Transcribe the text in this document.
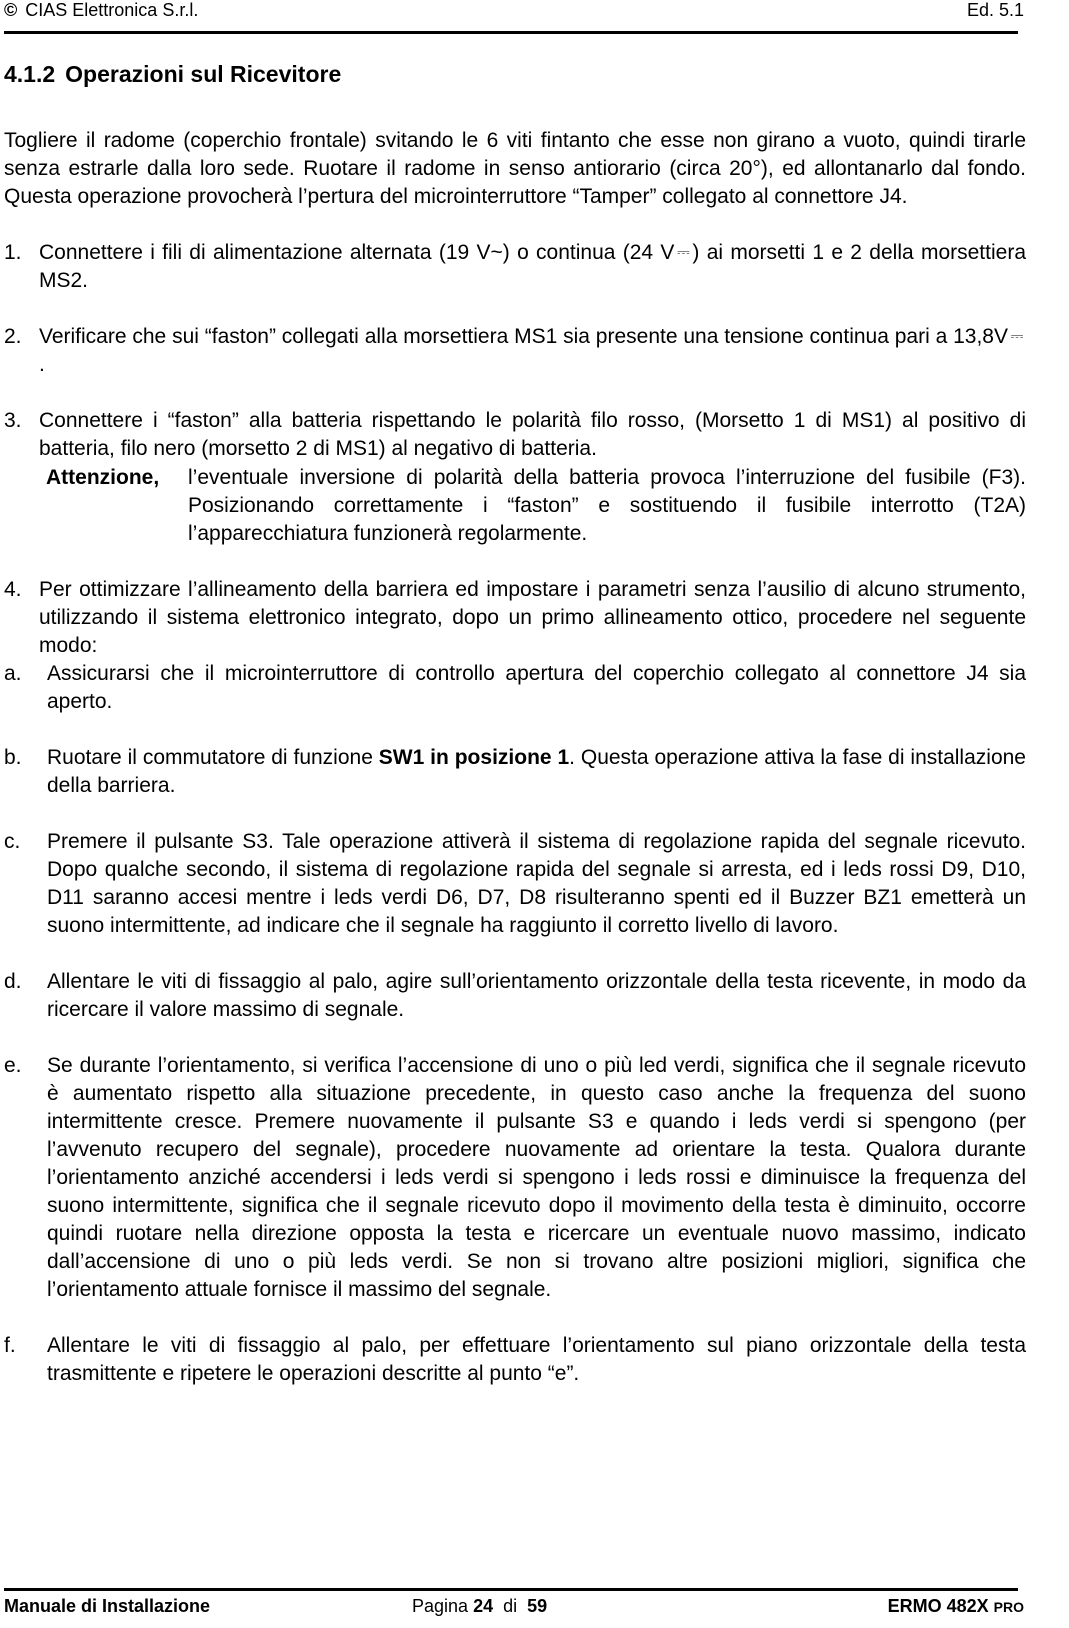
© CIAS Elettronica S.r.l.	Ed. 5.1
4.1.2 Operazioni sul Ricevitore

Togliere il radome (coperchio frontale) svitando le 6 viti fintanto che esse non girano a vuoto, quindi tirarle senza estrarle dalla loro sede. Ruotare il radome in senso antiorario (circa 20°), ed allontanarlo dal fondo. Questa operazione provocherà l’pertura del microinterruttore “Tamper” collegato al connettore J4.

1. Connettere i fili di alimentazione alternata (19 V~) o continua (24 V ⎓ ) ai morsetti 1 e 2 della morsettiera MS2.

2. Verificare che sui “faston” collegati alla morsettiera MS1 sia presente una tensione continua pari a 13,8V ⎓.

3. Connettere i “faston” alla batteria rispettando le polarità filo rosso, (Morsetto 1 di MS1) al positivo di batteria, filo nero (morsetto 2 di MS1) al negativo di batteria.

Attenzione, l’eventuale inversione di polarità della batteria provoca l’interruzione del fusibile (F3). Posizionando correttamente i “faston” e sostituendo il fusibile interrotto (T2A) l’apparecchiatura funzionerà regolarmente.

4. Per ottimizzare l’allineamento della barriera ed impostare i parametri senza l’ausilio di alcuno strumento, utilizzando il sistema elettronico integrato, dopo un primo allineamento ottico, procedere nel seguente modo:

a. Assicurarsi che il microinterruttore di controllo apertura del coperchio collegato al connettore J4 sia aperto.

b. Ruotare il commutatore di funzione SW1 in posizione 1. Questa operazione attiva la fase di installazione della barriera.

c. Premere il pulsante S3. Tale operazione attiverà il sistema di regolazione rapida del segnale ricevuto. Dopo qualche secondo, il sistema di regolazione rapida del segnale si arresta, ed i leds rossi D9, D10, D11 saranno accesi mentre i leds verdi D6, D7, D8 risulteranno spenti ed il Buzzer BZ1 emetterà un suono intermittente, ad indicare che il segnale ha raggiunto il corretto livello di lavoro.

d. Allentare le viti di fissaggio al palo, agire sull’orientamento orizzontale della testa ricevente, in modo da ricercare il valore massimo di segnale.

e. Se durante l’orientamento, si verifica l’accensione di uno o più led verdi, significa che il segnale ricevuto è aumentato rispetto alla situazione precedente, in questo caso anche la frequenza del suono intermittente cresce. Premere nuovamente il pulsante S3 e quando i leds verdi si spengono (per l’avvenuto recupero del segnale), procedere nuovamente ad orientare la testa. Qualora durante l’orientamento anziché accendersi i leds verdi si spengono i leds rossi e diminuisce la frequenza del suono intermittente, significa che il segnale ricevuto dopo il movimento della testa è diminuito, occorre quindi ruotare nella direzione opposta la testa e ricercare un eventuale nuovo massimo, indicato dall’accensione di uno o più leds verdi. Se non si trovano altre posizioni migliori, significa che l’orientamento attuale fornisce il massimo del segnale.

f. Allentare le viti di fissaggio al palo, per effettuare l’orientamento sul piano orizzontale della testa trasmittente e ripetere le operazioni descritte al punto “e”.

Manuale di Installazione	Pagina 24 di 59	ERMO 482X PRO
